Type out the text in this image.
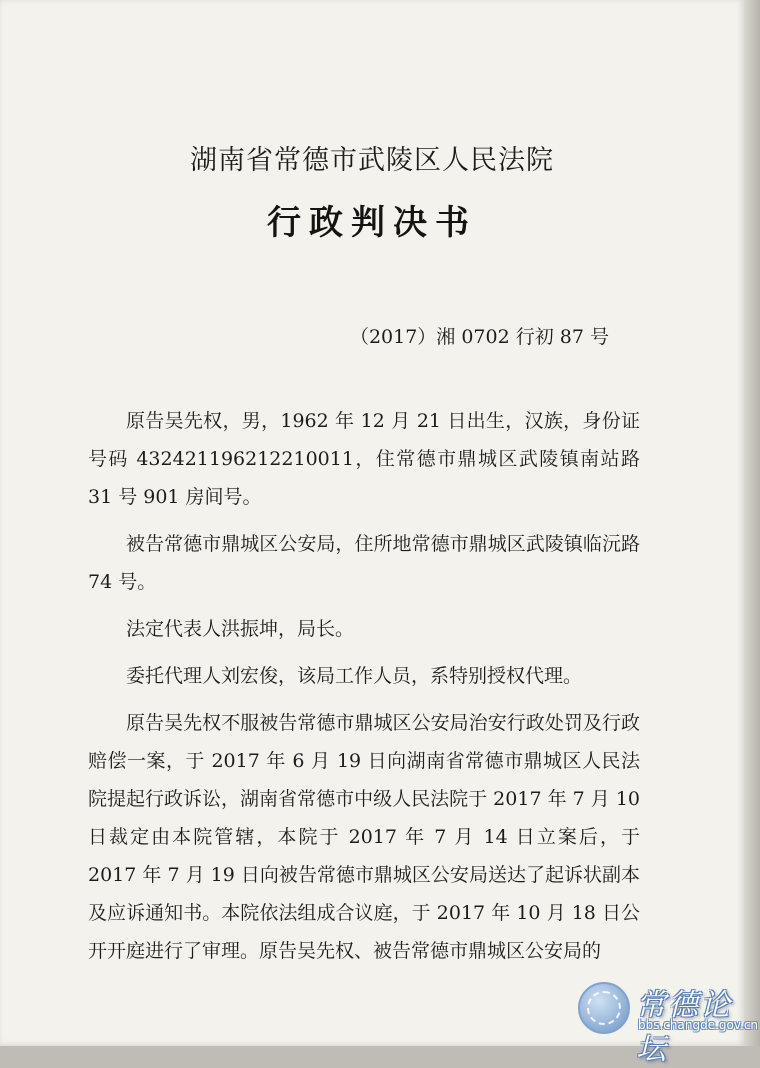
湖南省常德市武陵区人民法院
行政判决书
（2017）湘 0702 行初 87 号

原告吴先权，男，1962 年 12 月 21 日出生，汉族，身份证号码 432421196212210011，住常德市鼎城区武陵镇南站路 31 号 901 房间号。

被告常德市鼎城区公安局，住所地常德市鼎城区武陵镇临沅路 74 号。

法定代表人洪振坤，局长。

委托代理人刘宏俊，该局工作人员，系特别授权代理。

原告吴先权不服被告常德市鼎城区公安局治安行政处罚及行政赔偿一案，于 2017 年 6 月 19 日向湖南省常德市鼎城区人民法院提起行政诉讼，湖南省常德市中级人民法院于 2017 年 7 月 10 日裁定由本院管辖，本院于 2017 年 7 月 14 日立案后，于 2017 年 7 月 19 日向被告常德市鼎城区公安局送达了起诉状副本及应诉通知书。本院依法组成合议庭，于 2017 年 10 月 18 日公开开庭进行了审理。原告吴先权、被告常德市鼎城区公安局的

常德论坛
bbs.changde.gov.cn
